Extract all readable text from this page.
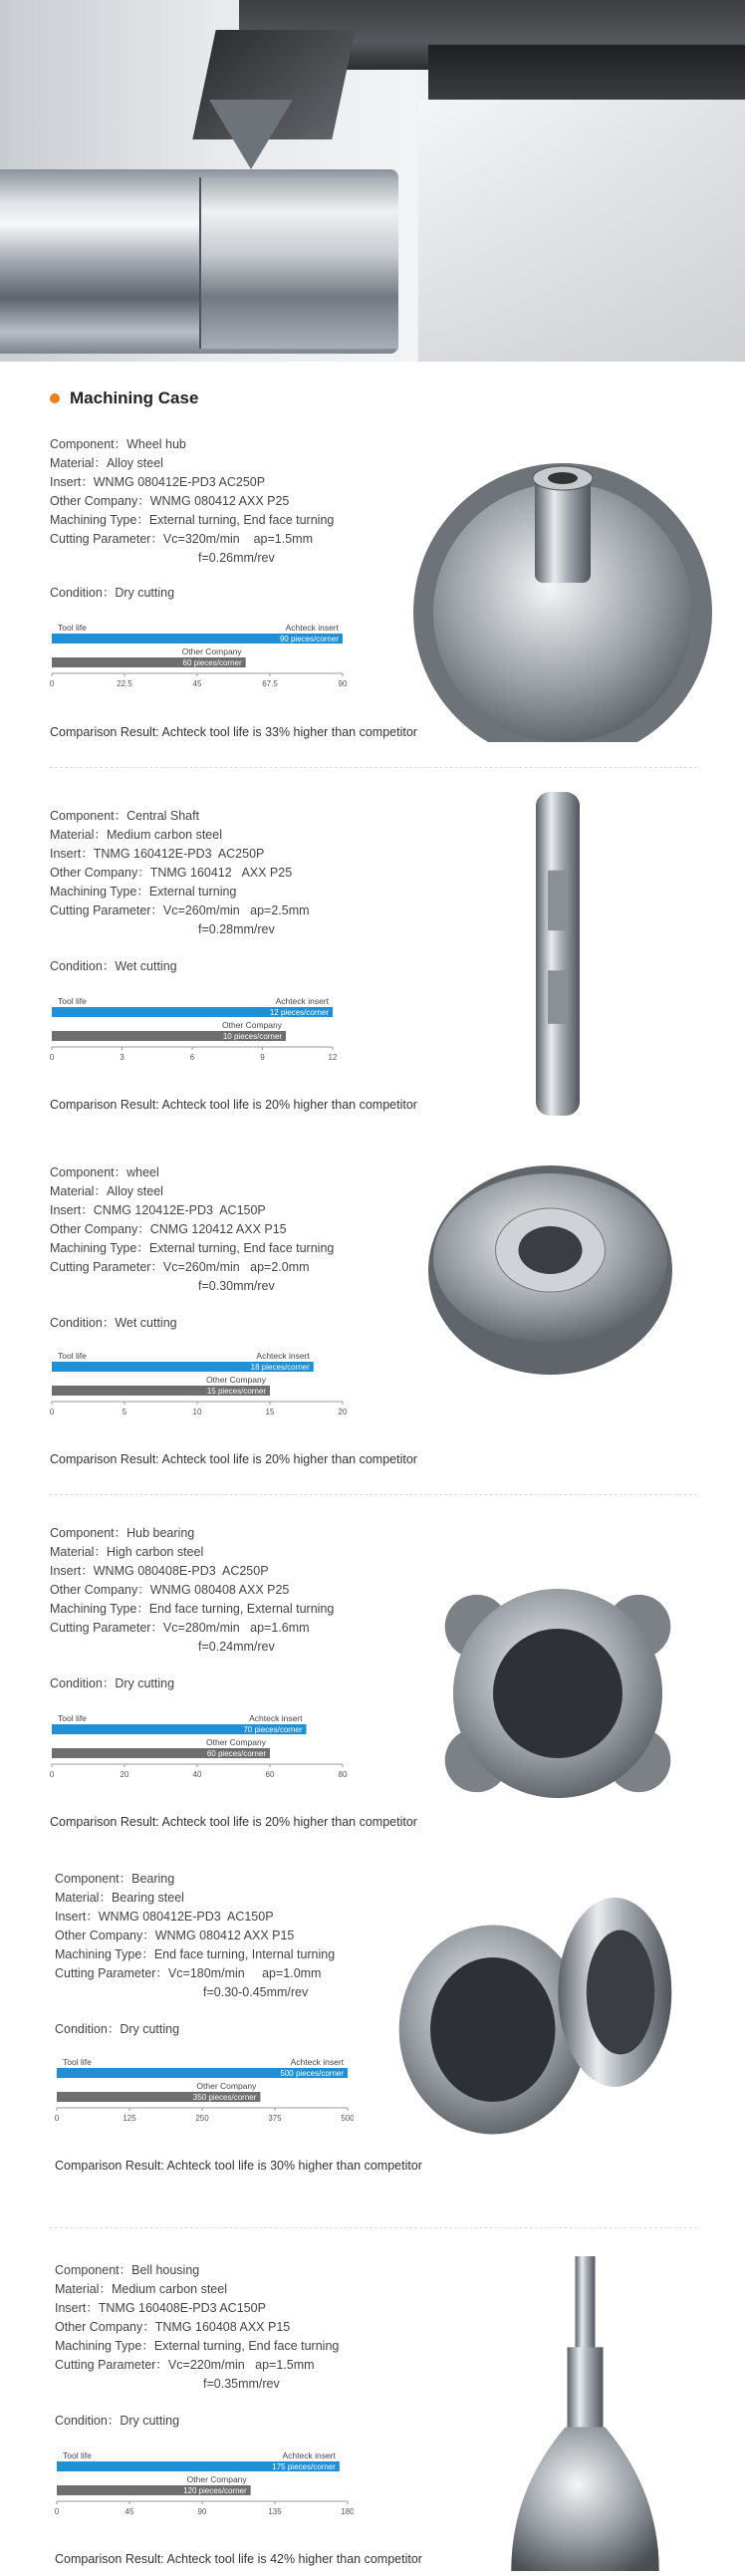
Machining Case
Component：Wheel hub
Material：Alloy steel
Insert：WNMG 080412E-PD3 AC250P
Other Company：WNMG 080412 AXX P25
Machining Type：External turning, End face turning
Cutting Parameter：Vc=320m/min    ap=1.5mm
f=0.26mm/rev
Condition：Dry cutting
Tool life	Achteck insert
90 pieces/corner
Other Company
60 pieces/corner
0	22.5	45	67.5	90
Comparison Result: Achteck tool life is 33% higher than competitor
Component：Central Shaft
Material：Medium carbon steel
Insert：TNMG 160412E-PD3  AC250P
Other Company：TNMG 160412   AXX P25
Machining Type：External turning
Cutting Parameter：Vc=260m/min   ap=2.5mm
f=0.28mm/rev
Condition：Wet cutting
Tool life	Achteck insert
12 pieces/corner
Other Company
10 pieces/corner
0	3	6	9	12
Comparison Result: Achteck tool life is 20% higher than competitor
Component：wheel
Material：Alloy steel
Insert：CNMG 120412E-PD3  AC150P
Other Company：CNMG 120412 AXX P15
Machining Type：External turning, End face turning
Cutting Parameter：Vc=260m/min   ap=2.0mm
f=0.30mm/rev
Condition：Wet cutting
Tool life	Achteck insert
18 pieces/corner
Other Company
15 pieces/corner
0	5	10	15	20
Comparison Result: Achteck tool life is 20% higher than competitor
Component：Hub bearing
Material：High carbon steel
Insert：WNMG 080408E-PD3  AC250P
Other Company：WNMG 080408 AXX P25
Machining Type：End face turning, External turning
Cutting Parameter：Vc=280m/min   ap=1.6mm
f=0.24mm/rev
Condition：Dry cutting
Tool life	Achteck insert
70 pieces/corner
Other Company
60 pieces/corner
0	20	40	60	80
Comparison Result: Achteck tool life is 20% higher than competitor
Component：Bearing
Material：Bearing steel
Insert：WNMG 080412E-PD3  AC150P
Other Company：WNMG 080412 AXX P15
Machining Type：End face turning, Internal turning
Cutting Parameter：Vc=180m/min     ap=1.0mm
f=0.30-0.45mm/rev
Condition：Dry cutting
Tool life	Achteck insert
500 pieces/corner
Other Company
350 pieces/corner
0	125	250	375	500
Comparison Result: Achteck tool life is 30% higher than competitor
Component：Bell housing
Material：Medium carbon steel
Insert：TNMG 160408E-PD3 AC150P
Other Company：TNMG 160408 AXX P15
Machining Type：External turning, End face turning
Cutting Parameter：Vc=220m/min   ap=1.5mm
f=0.35mm/rev
Condition：Dry cutting
Tool life	Achteck insert
175 pieces/corner
Other Company
120 pieces/corner
0	45	90	135	180
Comparison Result: Achteck tool life is 42% higher than competitor
